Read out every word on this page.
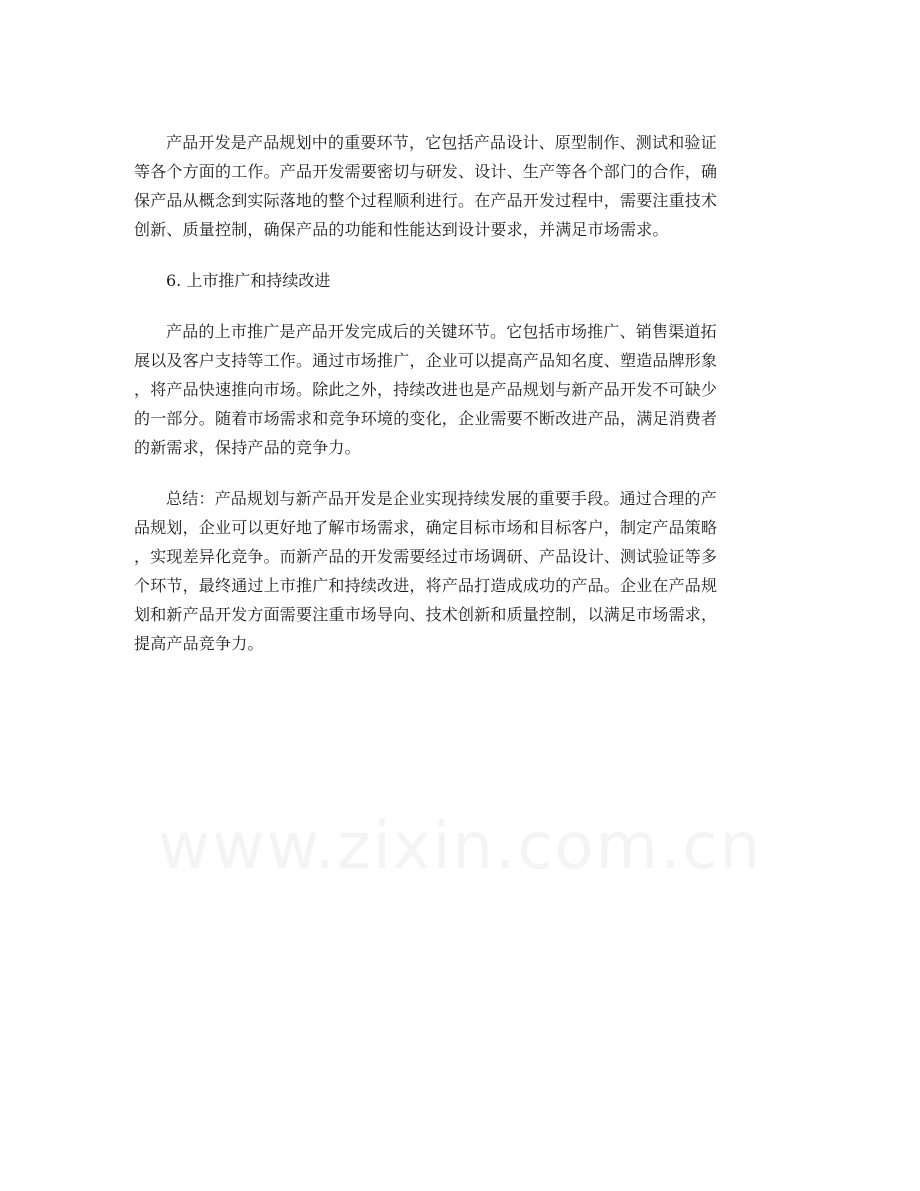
产品开发是产品规划中的重要环节，它包括产品设计、原型制作、测试和验证
等各个方面的工作。产品开发需要密切与研发、设计、生产等各个部门的合作，确
保产品从概念到实际落地的整个过程顺利进行。在产品开发过程中，需要注重技术
创新、质量控制，确保产品的功能和性能达到设计要求，并满足市场需求。

6. 上市推广和持续改进

产品的上市推广是产品开发完成后的关键环节。它包括市场推广、销售渠道拓
展以及客户支持等工作。通过市场推广，企业可以提高产品知名度、塑造品牌形象
，将产品快速推向市场。除此之外，持续改进也是产品规划与新产品开发不可缺少
的一部分。随着市场需求和竞争环境的变化，企业需要不断改进产品，满足消费者
的新需求，保持产品的竞争力。

总结：产品规划与新产品开发是企业实现持续发展的重要手段。通过合理的产
品规划，企业可以更好地了解市场需求，确定目标市场和目标客户，制定产品策略
，实现差异化竞争。而新产品的开发需要经过市场调研、产品设计、测试验证等多
个环节，最终通过上市推广和持续改进，将产品打造成成功的产品。企业在产品规
划和新产品开发方面需要注重市场导向、技术创新和质量控制，以满足市场需求，
提高产品竞争力。

www.zixin.com.cn
